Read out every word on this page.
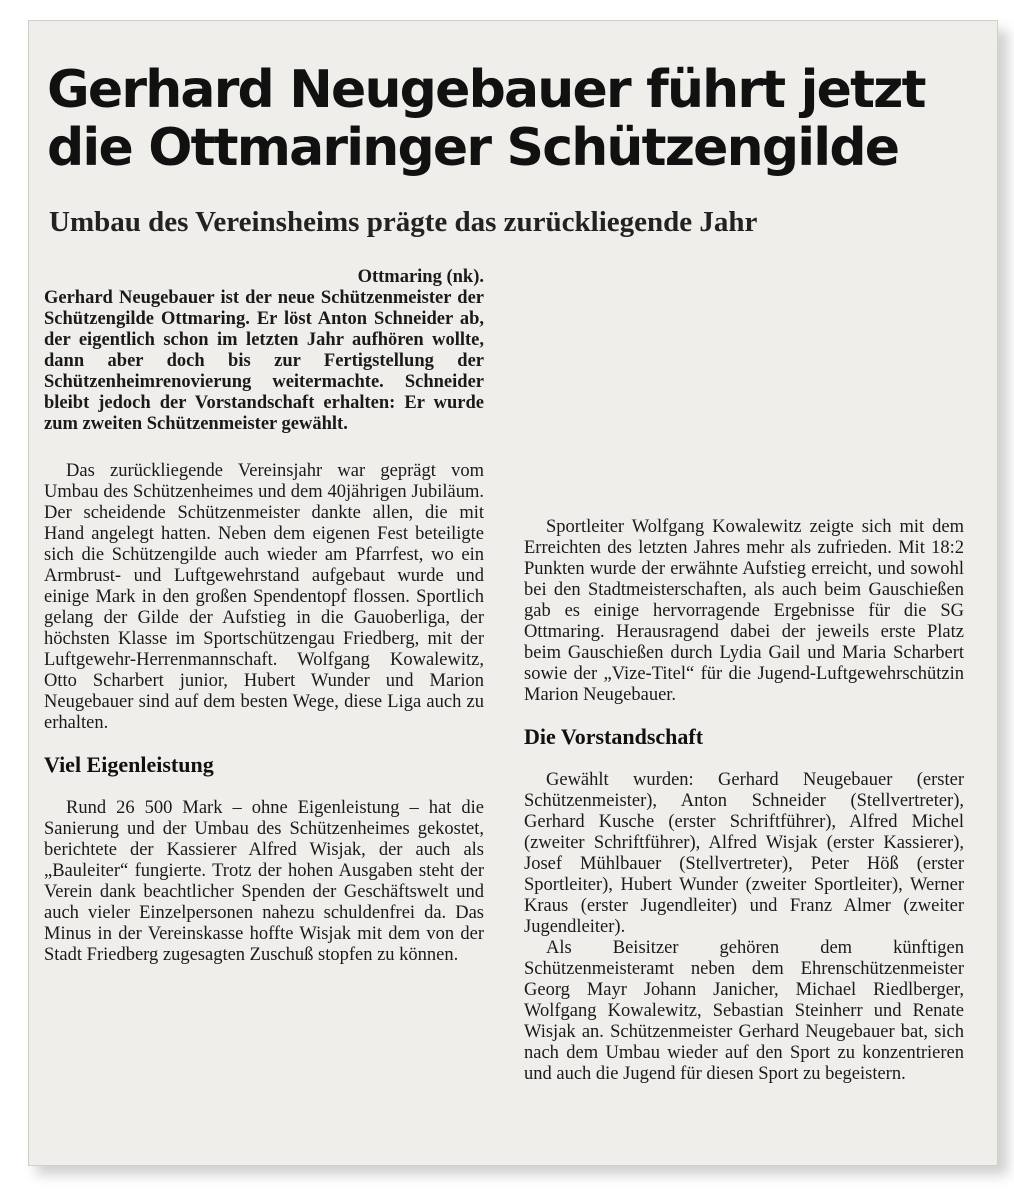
Gerhard Neugebauer führt jetzt die Ottmaringer Schützengilde
Umbau des Vereinsheims prägte das zurückliegende Jahr

Ottmaring (nk).

Gerhard Neugebauer ist der neue Schützenmeister der Schützengilde Ottmaring. Er löst Anton Schneider ab, der eigentlich schon im letzten Jahr aufhören wollte, dann aber doch bis zur Fertigstellung der Schützenheimrenovierung weitermachte. Schneider bleibt jedoch der Vorstandschaft erhalten: Er wurde zum zweiten Schützenmeister gewählt.

Das zurückliegende Vereinsjahr war geprägt vom Umbau des Schützenheimes und dem 40jährigen Jubiläum. Der scheidende Schützenmeister dankte allen, die mit Hand angelegt hatten. Neben dem eigenen Fest beteiligte sich die Schützengilde auch wieder am Pfarrfest, wo ein Armbrust- und Luftgewehrstand aufgebaut wurde und einige Mark in den großen Spendentopf flossen. Sportlich gelang der Gilde der Aufstieg in die Gauoberliga, der höchsten Klasse im Sportschützengau Friedberg, mit der Luftgewehr-Herrenmannschaft. Wolfgang Kowalewitz, Otto Scharbert junior, Hubert Wunder und Marion Neugebauer sind auf dem besten Wege, diese Liga auch zu erhalten.

Viel Eigenleistung

Rund 26 500 Mark – ohne Eigenleistung – hat die Sanierung und der Umbau des Schützenheimes gekostet, berichtete der Kassierer Alfred Wisjak, der auch als „Bauleiter“ fungierte. Trotz der hohen Ausgaben steht der Verein dank beachtlicher Spenden der Geschäftswelt und auch vieler Einzelpersonen nahezu schuldenfrei da. Das Minus in der Vereinskasse hoffte Wisjak mit dem von der Stadt Friedberg zugesagten Zuschuß stopfen zu können.

Sportleiter Wolfgang Kowalewitz zeigte sich mit dem Erreichten des letzten Jahres mehr als zufrieden. Mit 18:2 Punkten wurde der erwähnte Aufstieg erreicht, und sowohl bei den Stadtmeisterschaften, als auch beim Gauschießen gab es einige hervorragende Ergebnisse für die SG Ottmaring. Herausragend dabei der jeweils erste Platz beim Gauschießen durch Lydia Gail und Maria Scharbert sowie der „Vize-Titel“ für die Jugend-Luftgewehrschützin Marion Neugebauer.

Die Vorstandschaft

Gewählt wurden: Gerhard Neugebauer (erster Schützenmeister), Anton Schneider (Stellvertreter), Gerhard Kusche (erster Schriftführer), Alfred Michel (zweiter Schriftführer), Alfred Wisjak (erster Kassierer), Josef Mühlbauer (Stellvertreter), Peter Höß (erster Sportleiter), Hubert Wunder (zweiter Sportleiter), Werner Kraus (erster Jugendleiter) und Franz Almer (zweiter Jugendleiter).

Als Beisitzer gehören dem künftigen Schützenmeisteramt neben dem Ehrenschützenmeister Georg Mayr Johann Janicher, Michael Riedlberger, Wolfgang Kowalewitz, Sebastian Steinherr und Renate Wisjak an. Schützenmeister Gerhard Neugebauer bat, sich nach dem Umbau wieder auf den Sport zu konzentrieren und auch die Jugend für diesen Sport zu begeistern.
